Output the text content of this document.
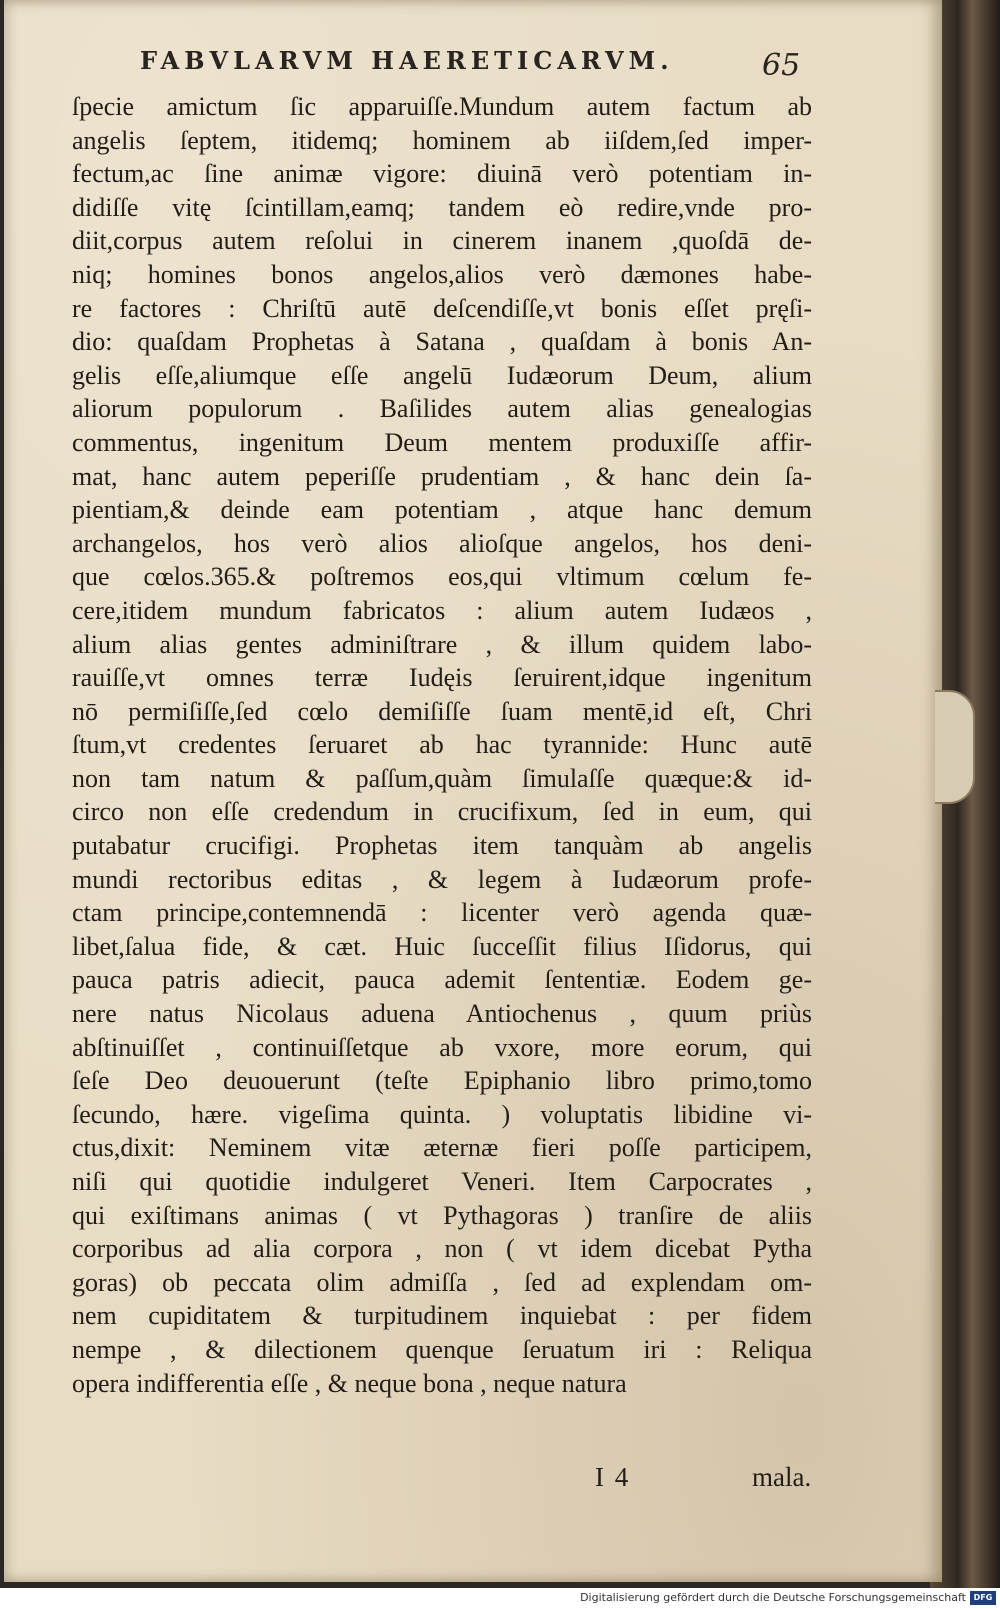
FABVLARVM HAERETICARVM.	65
ſpecie amictum ſic apparuiſſe.Mundum autem factum ab
angelis ſeptem, itidemq; hominem ab iiſdem,ſed imper-
fectum,ac ſine animæ vigore: diuinā verò potentiam in-
didiſſe vitę ſcintillam,eamq; tandem eò redire,vnde pro-
diit,corpus autem reſolui in cinerem inanem ,quoſdā de-
niq; homines bonos angelos,alios verò dæmones habe-
re factores : Chriſtū autē deſcendiſſe,vt bonis eſſet pręſi-
dio: quaſdam Prophetas à Satana , quaſdam à bonis An-
gelis eſſe,aliumque eſſe angelū Iudæorum Deum, alium
aliorum populorum . Baſilides autem alias genealogias
commentus, ingenitum Deum mentem produxiſſe affir-
mat, hanc autem peperiſſe prudentiam , & hanc dein ſa-
pientiam,& deinde eam potentiam , atque hanc demum
archangelos, hos verò alios alioſque angelos, hos deni-
que cœlos.365.& poſtremos eos,qui vltimum cœlum fe-
cere,itidem mundum fabricatos : alium autem Iudæos ,
alium alias gentes adminiſtrare , & illum quidem labo-
rauiſſe,vt omnes terræ Iudęis ſeruirent,idque ingenitum
nō permiſiſſe,ſed cœlo demiſiſſe ſuam mentē,id eſt, Chri
ſtum,vt credentes ſeruaret ab hac tyrannide: Hunc autē
non tam natum & paſſum,quàm ſimulaſſe quæque:& id-
circo non eſſe credendum in crucifixum, ſed in eum, qui
putabatur crucifigi. Prophetas item tanquàm ab angelis
mundi rectoribus editas , & legem à Iudæorum profe-
ctam principe,contemnendā : licenter verò agenda quæ-
libet,ſalua fide, & cæt. Huic ſucceſſit filius Iſidorus, qui
pauca patris adiecit, pauca ademit ſententiæ. Eodem ge-
nere natus Nicolaus aduena Antiochenus , quum priùs
abſtinuiſſet , continuiſſetque ab vxore, more eorum, qui
ſeſe Deo deuouerunt (teſte Epiphanio libro primo,tomo
ſecundo, hære. vigeſima quinta. ) voluptatis libidine vi-
ctus,dixit: Neminem vitæ æternæ fieri poſſe participem,
niſi qui quotidie indulgeret Veneri. Item Carpocrates ,
qui exiſtimans animas ( vt Pythagoras ) tranſire de aliis
corporibus ad alia corpora , non ( vt idem dicebat Pytha
goras) ob peccata olim admiſſa , ſed ad explendam om-
nem cupiditatem & turpitudinem inquiebat : per fidem
nempe , & dilectionem quenque ſeruatum iri : Reliqua
opera indifferentia eſſe , & neque bona , neque natura
I 4	mala.
Digitalisierung gefördert durch die Deutsche Forschungsgemeinschaft DFG
